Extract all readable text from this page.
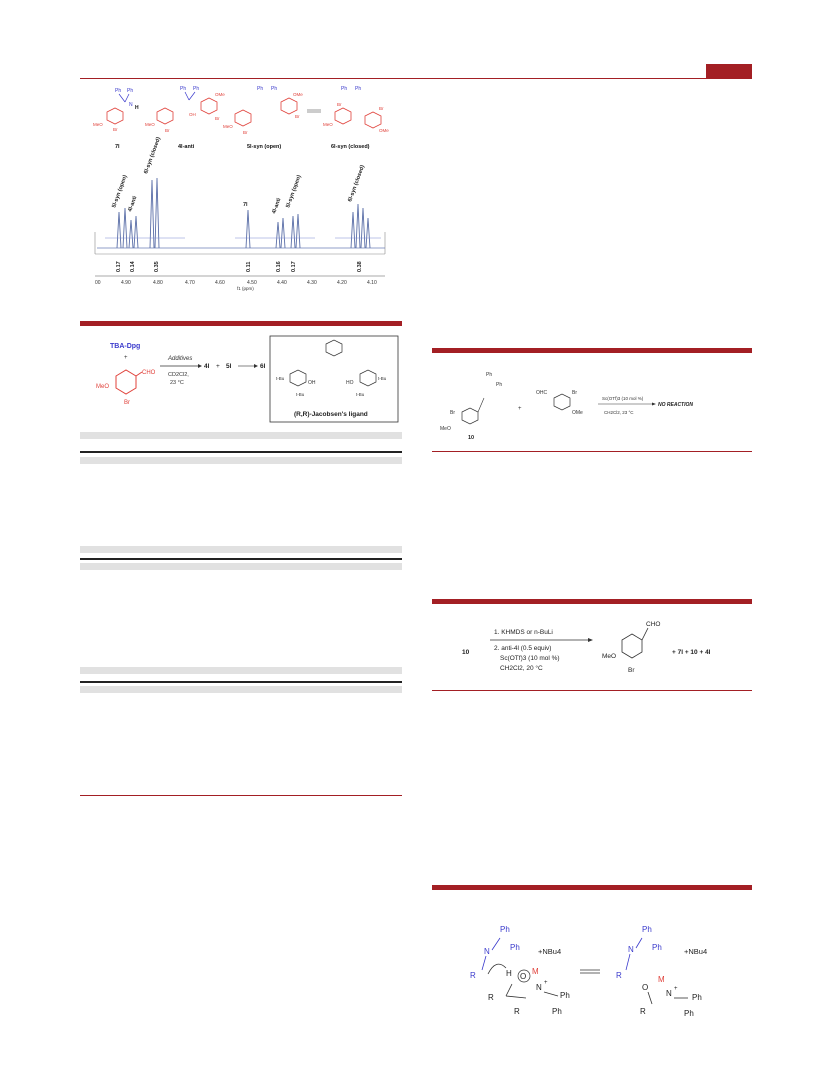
Ph Ph
N H
MeO
Br
7l
Ph Ph
OH
OMe
Br
MeO
Br
4l-anti
Ph Ph
OMe
Br
MeO
Br
5l-syn (open)
Ph Ph
Br
OMe
MeO
Br
6l-syn (closed)
5l-syn (open)
4l-anti
6l-syn (closed)
7l	4l-anti 5l-syn (open)	6l-syn (closed)
0.17 0.14	0.35	0.11	0.16 0.17	0.38
00	4.90	4.80	4.70	4.60	4.50	4.40	4.30	4.20	4.10
f1 (ppm)
TBA-Dpg
+
CHO
MeO
Br
Additives
CD2Cl2,
23 °C
4l + 5l	6l
OH	HO
t-Bu	t-Bu
t-Bu	t-Bu
(R,R)-Jacobsen's ligand
Ph
Ph
Br
MeO
10
+
OHC	Br
OMe
Sc(OTf)3 (10 mol %)
CH2Cl2, 23 °C
NO REACTION
10
1. KHMDS or n-BuLi
2. anti-4l (0.5 equiv)
Sc(OTf)3 (10 mol %)
CH2Cl2, 20 °C
CHO
MeO
Br
+ 7l + 10 + 4l
Ph
Ph
N
R
+NBu4
H O
M
N +
Ph
Ph
R
R
Ph
Ph
N
R
+NBu4
O
M
N +
Ph
Ph
R
